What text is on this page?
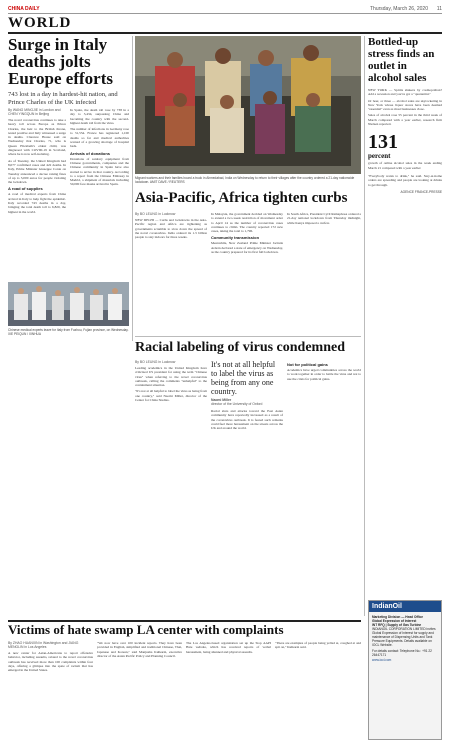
CHINA DAILY	Thursday, March 26, 2020 11
WORLD
Surge in Italy deaths jolts Europe efforts
743 lost in a day in hardest-hit nation, and Prince Charles of the UK infected
By WANG MINGJIE in London and CHEN YINGQUN in Beijing

The novel coronavirus continues to take a heavy toll across Europe as Prince Charles, the heir to the British throne, tested positive and Italy witnessed a surge in deaths. Clarence House said on Wednesday that Charles, 71, who is Queen Elizabeth's eldest child, was diagnosed with COVID-19 in Scotland, where he is now self-isolating.

As of Tuesday, the United Kingdom had 8,077 confirmed cases and 422 deaths. In Italy, Prime Minister Giuseppe Conte on Tuesday announced a decree raising fines of up to 3,000 euros for people violating the lockdown.

A road of supplies

A road of medical experts from China arrived in Italy to help fight the epidemic. Italy recorded 743 deaths in a day, bringing the total death toll to 6,820, the highest in the world.

In Spain, the death toll rose by 738 in a day to 3,434, surpassing China and becoming the country with the second-highest death toll from the virus.

The number of infections in Germany rose to 31,554. France has registered 1,100 deaths so far and medical authorities warned of a growing shortage of hospital beds.

Arrivals of donations

Donations of sanitary equipment from Chinese governments, companies and the Chinese community in Spain have also started to arrive in that country. According to a report from the Chinese Embassy in Madrid, a shipment of materials including 50,000 face masks arrived in Spain.

Chinese medical experts leave for Italy from Fuzhou, Fujian province, on Wednesday. XIE PEIQUN / XINHUA
Migrant workers and their families board a truck in Ahmedabad, India on Wednesday to return to their villages after the country ordered a 21-day nationwide lockdown. AMIT DAVE / REUTERS
Asia-Pacific, Africa tighten curbs
By BO LEUNG in Lucknow

NEW DELHI — Curbs and lockdowns in the Asia-Pacific region and Africa are tightening as governments scramble to slow down the spread of the novel coronavirus. India ordered its 1.3 billion people to stay indoors for three weeks.

In Malaysia, the government decided on Wednesday to extend a two-week restriction of movement order to April 14 as the number of coronavirus cases continues to climb. The country reported 172 new cases, taking the total to 1,796.

Community transmission

Meanwhile, New Zealand Prime Minister Jacinda Ardern declared a state of emergency on Wednesday, as the country prepared for its first full lockdown.

In South Africa, President Cyril Ramaphosa ordered a 21-day national lockdown from Thursday midnight, while Kenya imposed a curfew.

Racial labeling of virus condemned
By BO LEUNG in Lucknow

Leading academics in the United Kingdom have criticized US president for using the term "Chinese virus" when referring to the novel coronavirus outbreak, calling the comments "unhelpful" to the containment situation.

"It's not at all helpful to label the virus as being from one country," said Naomi Miller, director of the Center for China Studies.

It's not at all helpful to label the virus as being from any one country.
Naomi Miller
director of the University of Oxford

Racial slurs and attacks toward the East Asian community have reportedly increased as a result of the coronavirus outbreak. It is feared such remarks could fuel more harassment on the streets across the UK and around the world.

Not for political gains

Academics have urged communities across the world to work together in order to battle the virus and not to use the crisis for political gains.

Bottled-up stress finds an outlet in alcohol sales

NEW YORK — Spirits shakers by cosmopolitan? Add a recession and you've got a "quarantini."

Or beer, or three — alcohol sales are skyrocketing in New York whose liquor stores have been deemed "essential" even as most businesses close.

Sales of alcohol rose 55 percent in the third week of March compared with a year earlier, research firm Nielsen reported.

131
percent

growth of online alcohol sales in the week ending March 21 compared with a year earlier

"Everybody wants to drink," he said. Stay-at-home orders are spreading and people are looking at drinks to get through.

AGENCE FRANCE-PRESSE
Victims of hate swamp LA center with complaints
By ZHAO HUANXIN in Washington and JIANG MENGLIN in Los Angeles

A new center for Asian-Americans to report offensive behavior, including assaults, related to the novel coronavirus outbreak has received more than 100 complaints within four days, offering a glimpse into the spate of racism that has emerged in the United States.

"We now have over 100 incident reports. They have been provided in English, simplified and traditional Chinese, Thai, Japanese and Korean," said Manjusha Kulkarni, executive director of the Asian Pacific Policy and Planning Council.

The Los Angeles-based organization set up the Stop AAPI Hate website, which has received reports of verbal harassment, being shunned and physical assaults.

"There are examples of people being yelled at, coughed at and spit on," Kulkarni said.

IndianOil
Marketing Division — Head Office
Global Expression of Interest
INT RFQ | Supply of Gas Turbine
INDIANOIL CORPORATION LIMITED invites Global Expression of Interest for supply and maintenance of Dispensing Units and Tank Pressure Equipments. Details available on IOCL Website.
For details contact: Telephone No.: +91 22 26447171
www.iocl.com
